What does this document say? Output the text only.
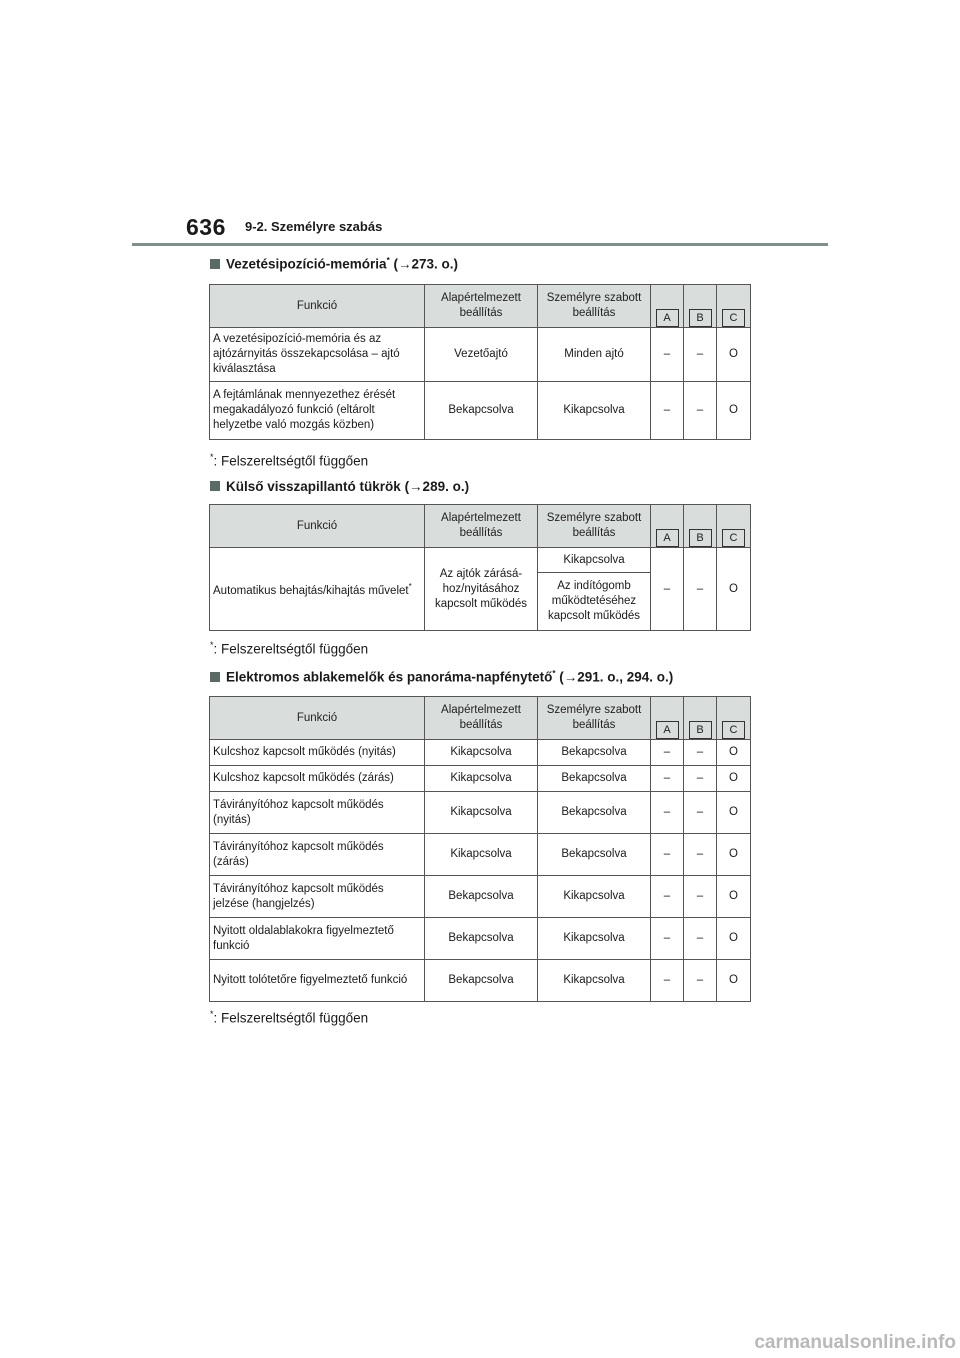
636 9-2. Személyre szabás
Vezetésipozíció-memória* (→273. o.)
Funkció	Alapértelmezett beállítás	Személyre szabott beállítás	A	B	C
A vezetésipozíció-memória és az ajtózárnyitás összekapcsolása – ajtó kiválasztása	Vezetőajtó	Minden ajtó	–	–	O
A fejtámlának mennyezethez érését megakadályozó funkció (eltárolt helyzetbe való mozgás közben)	Bekapcsolva	Kikapcsolva	–	–	O
*: Felszereltségtől függően
Külső visszapillantó tükrök (→289. o.)
Funkció	Alapértelmezett beállítás	Személyre szabott beállítás	A	B	C
Automatikus behajtás/kihajtás művelet*	Az ajtók zárásá-hoz/nyitásához kapcsolt működés	Kikapcsolva	–	–	O
		Az indítógomb működtetéséhez kapcsolt működés			
*: Felszereltségtől függően
Elektromos ablakemelők és panoráma-napfénytető* (→291. o., 294. o.)
Funkció	Alapértelmezett beállítás	Személyre szabott beállítás	A	B	C
Kulcshoz kapcsolt működés (nyitás)	Kikapcsolva	Bekapcsolva	–	–	O
Kulcshoz kapcsolt működés (zárás)	Kikapcsolva	Bekapcsolva	–	–	O
Távirányítóhoz kapcsolt működés (nyitás)	Kikapcsolva	Bekapcsolva	–	–	O
Távirányítóhoz kapcsolt működés (zárás)	Kikapcsolva	Bekapcsolva	–	–	O
Távirányítóhoz kapcsolt működés jelzése (hangjelzés)	Bekapcsolva	Kikapcsolva	–	–	O
Nyitott oldalablakokra figyelmeztető funkció	Bekapcsolva	Kikapcsolva	–	–	O
Nyitott tolótetőre figyelmeztető funkció	Bekapcsolva	Kikapcsolva	–	–	O
*: Felszereltségtől függően
carmanualsonline.info
